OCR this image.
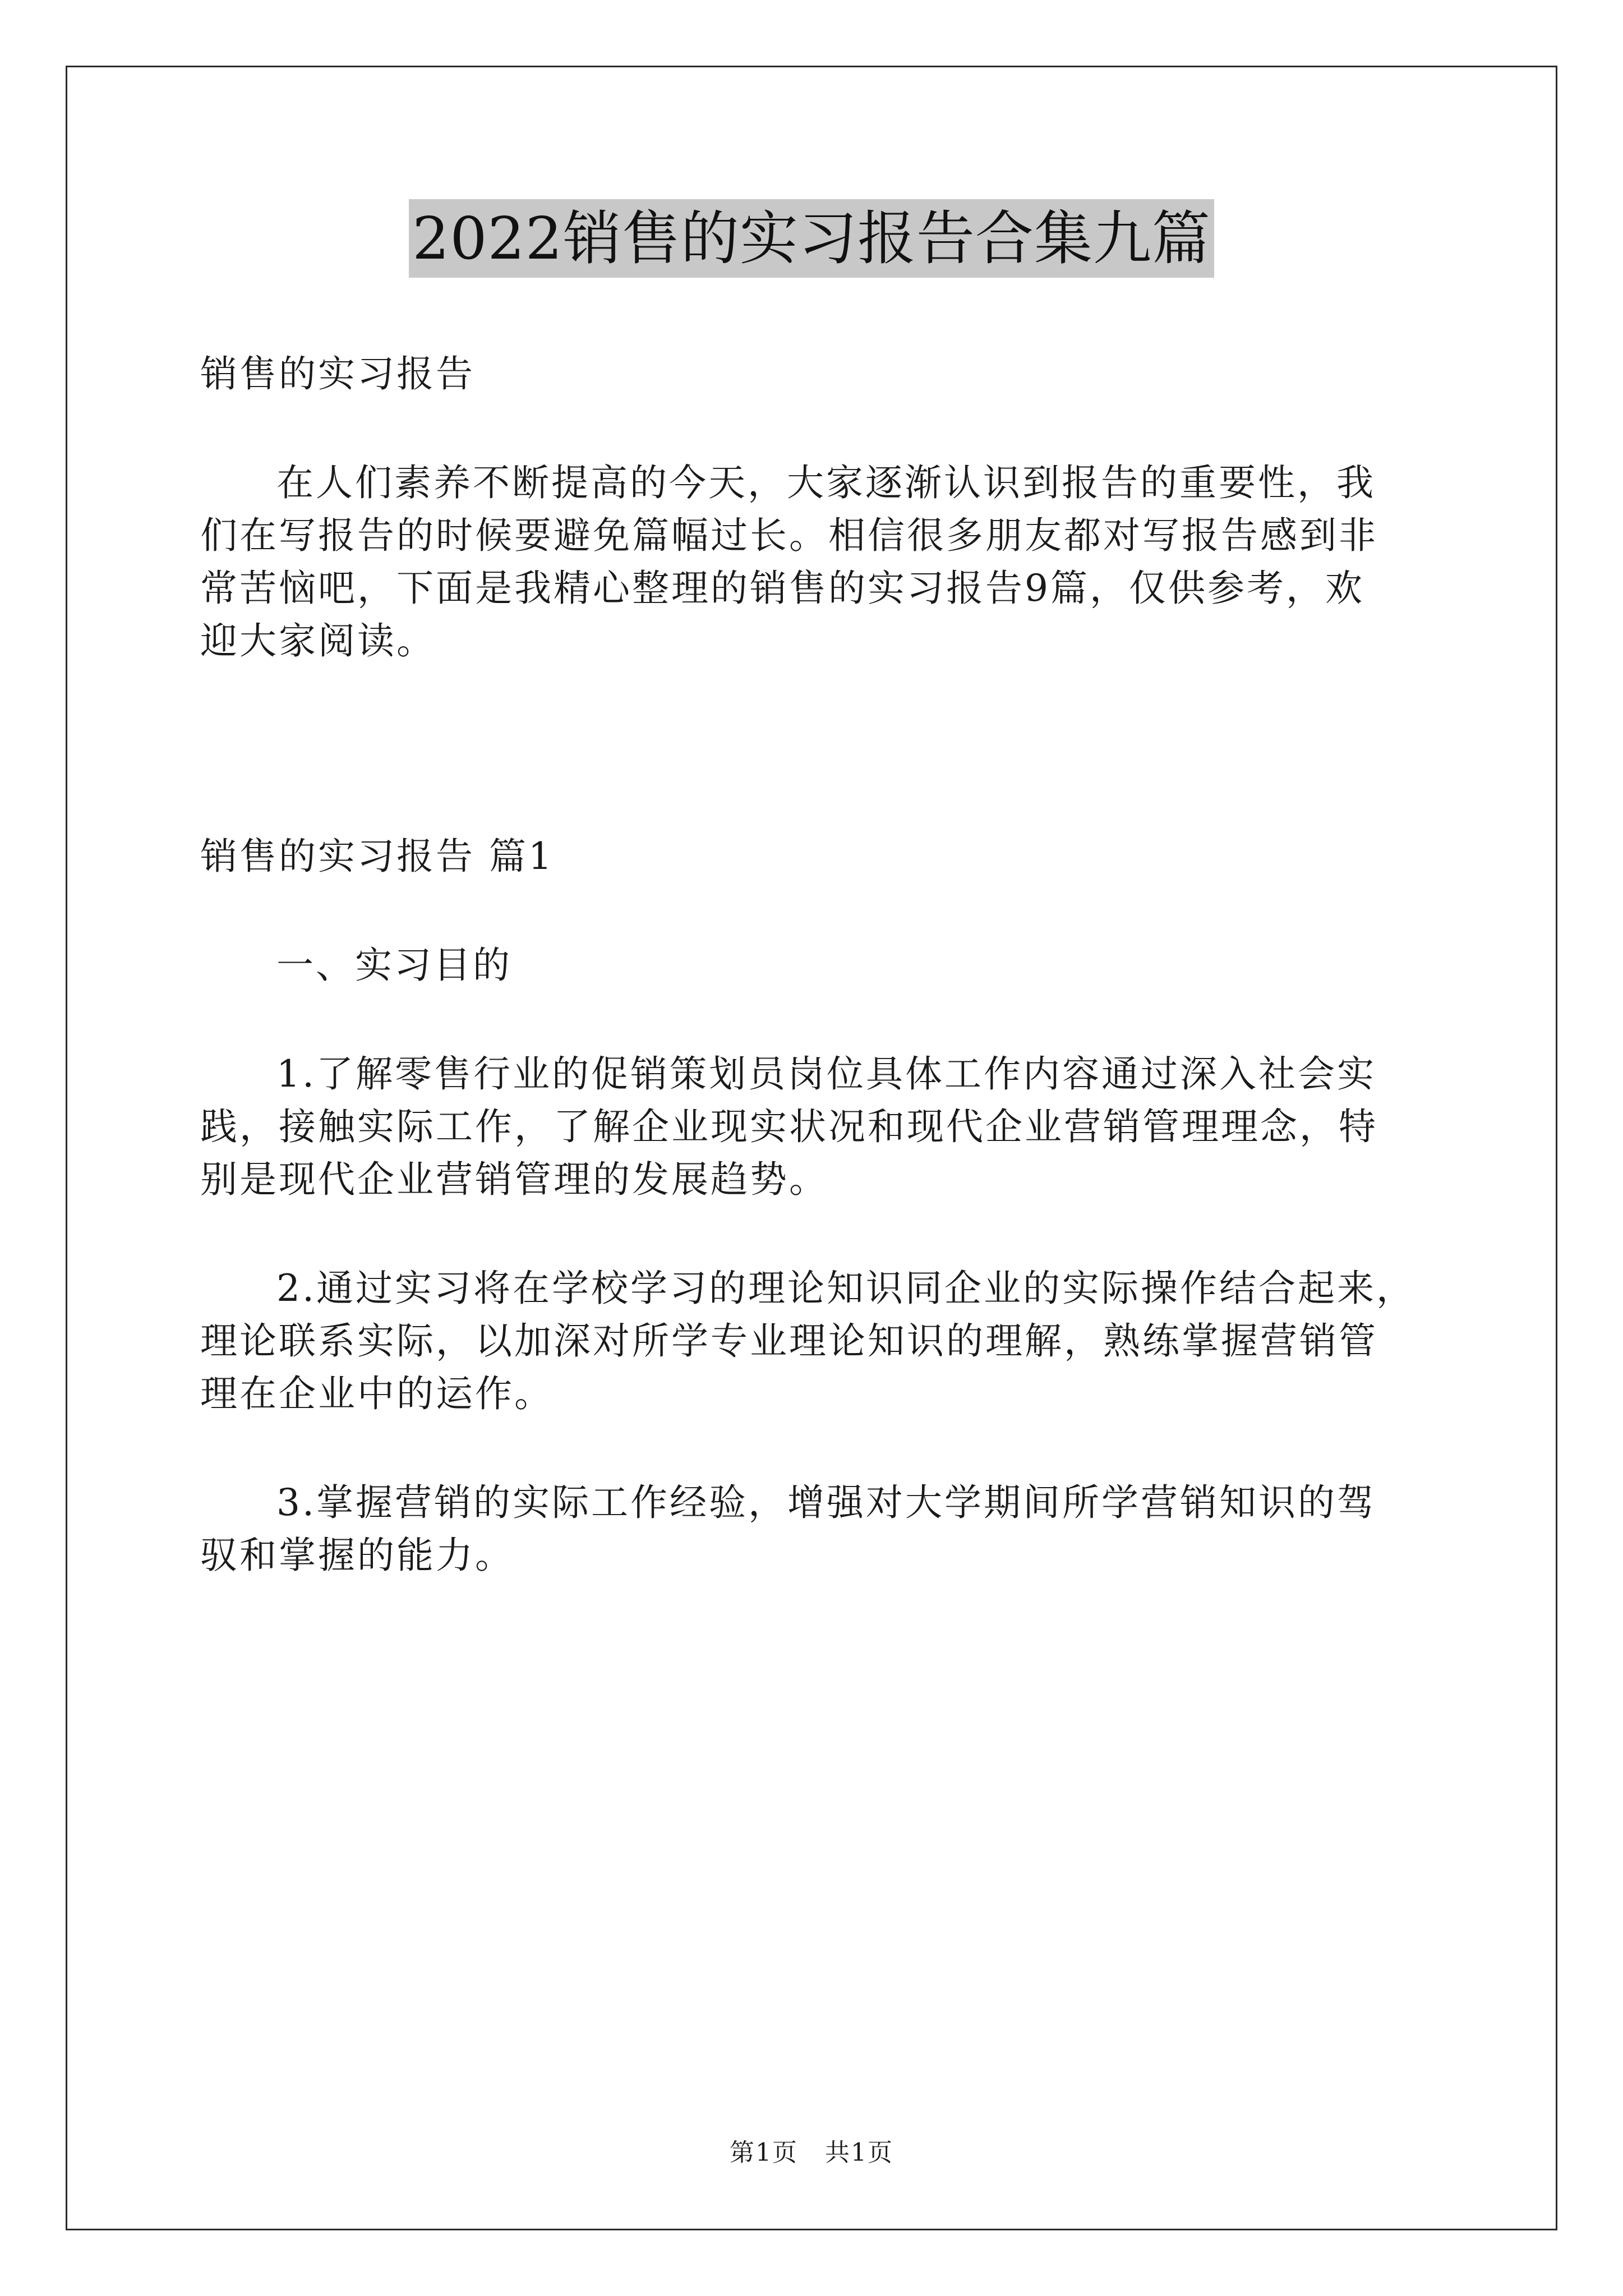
2022销售的实习报告合集九篇
销售的实习报告
在人们素养不断提高的今天，大家逐渐认识到报告的重要性，我
们在写报告的时候要避免篇幅过长。相信很多朋友都对写报告感到非
常苦恼吧，下面是我精心整理的销售的实习报告9篇，仅供参考，欢
迎大家阅读。
销售的实习报告 篇1
一、实习目的
1.了解零售行业的促销策划员岗位具体工作内容通过深入社会实
践，接触实际工作，了解企业现实状况和现代企业营销管理理念，特
别是现代企业营销管理的发展趋势。
2.通过实习将在学校学习的理论知识同企业的实际操作结合起来，
理论联系实际，以加深对所学专业理论知识的理解，熟练掌握营销管
理在企业中的运作。
3.掌握营销的实际工作经验，增强对大学期间所学营销知识的驾
驭和掌握的能力。
第1页   共1页
